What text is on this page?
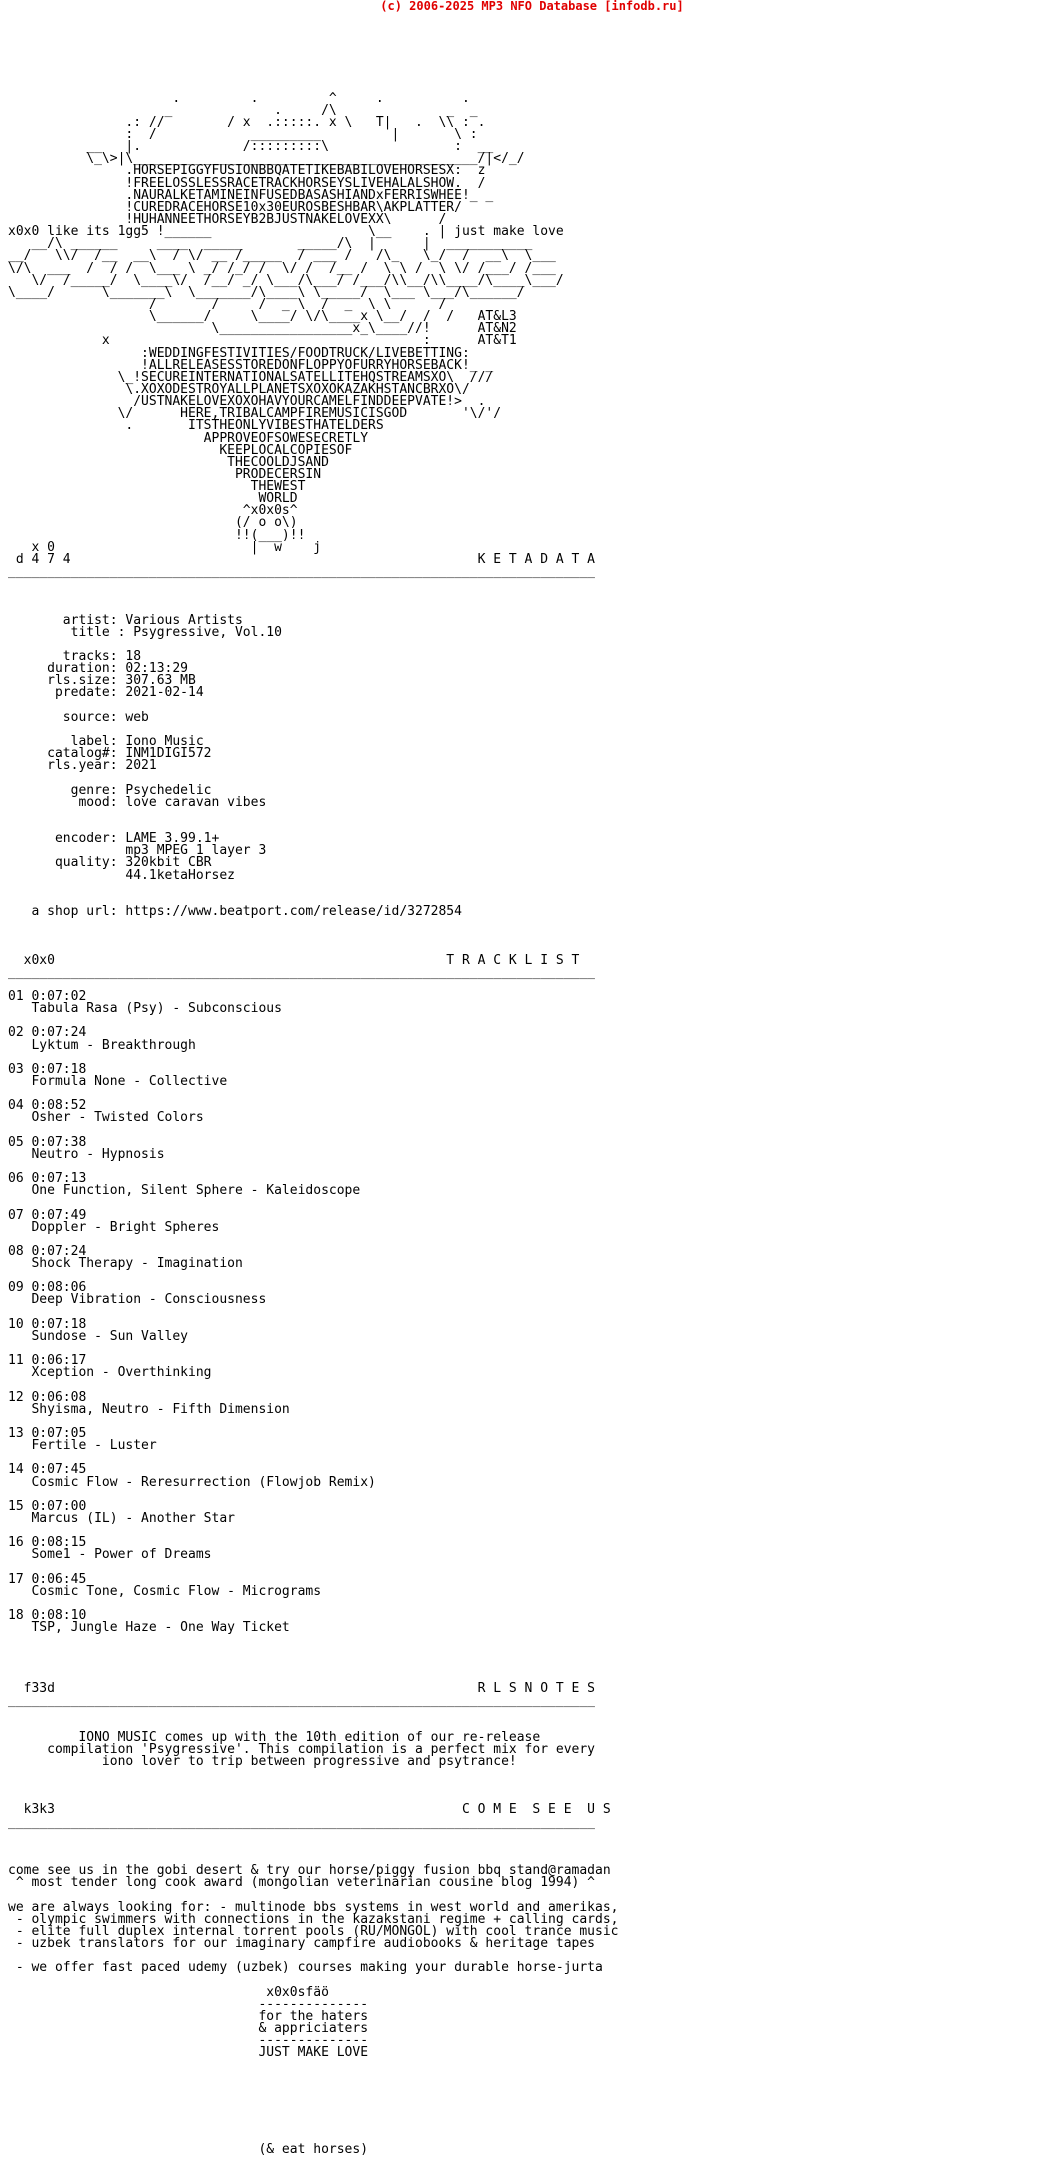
(c) 2006-2025 MP3 NFO Database [infodb.ru]
.         .         ^     .          .
_             .     /\              _  _
.: //        / x  .:::::. x \   T|   .  \\ : .
:  /            _________         |       \ :
__   |.             /:::::::::\                :  __
\_\>|\____________________________________________/|</_/
.HORSEPIGGYFUSIONBBQATETIKEBABILOVEHORSESX:  z
!FREELOSSLESSRACETRACKHORSEYSLIVEHALALSHOW.  /
.NAURALKETAMINEINFUSEDBASASHIANDxFERRISWHEE!_ _
!CUREDRACEHORSE10x30EUROSBESHBAR\AKPLATTER/
!HUHANNEETHORSEYB2BJUSTNAKELOVEXX\      /
x0x0 like its 1gg5 !______                    \__    . | just make love
__/\ ______     ____  _____       _____/\  |      |  ___________
__/   \\/  /__  __\  / \/ __ /_____  / ___ /   /\_   \_/  /  __\  \___
\/\  ___  /  / /  \___ \ _/ /_/ /  \/ /  /__ /  \ \ /  \ \/ /___/ /___
\/  /_____/  \____\/  /__/ _/ \___/\___/ /___/\\__/\\____/\____\___/
\____/      \_______\  \_______/\____\ \_____/  \___ \___/\______/
/       /     /  _ \  /  _  \ \      /
\______/     \____/ \/\____x \__/  /  /   AT&L3
\_________________x_\____//!      AT&N2
x                                        :      AT&T1
:WEDDINGFESTIVITIES/FOODTRUCK/LIVEBETTING:
!ALLRELEASESSTOREDONFLOPPYOFURRYHORSEBACK!_ _
\_!SECUREINTERNATIONALSATELLITEHQSTREAMSXO\  ///
\.XOXODESTROYALLPLANETSXOXOKAZAKHSTANCBRXO\/
/USTNAKELOVEXOXOHAVYOURCAMELFINDDEEPVATE!>  .
\/      HERE,TRIBALCAMPFIREMUSICISGOD       '\/'/
.       ITSTHEONLYVIBESTHATELDERS
APPROVEOFSOWESECRETLY
KEEPLOCALCOPIESOF
THECOOLDJSAND
PRODECERSIN
THEWEST
WORLD
^x0x0s^
(/ o o\)
!!(___)!!
x 0                         |  w    j
d 4 7 4                                                    K E T A D A T A
___________________________________________________________________________
artist: Various Artists
title : Psygressive, Vol.10
tracks: 18
duration: 02:13:29
rls.size: 307.63 MB
predate: 2021-02-14
source: web
label: Iono Music
catalog#: INM1DIGI572
rls.year: 2021
genre: Psychedelic
mood: love caravan vibes
encoder: LAME 3.99.1+
mp3 MPEG 1 layer 3
quality: 320kbit CBR
44.1ketaHorsez
a shop url: https://www.beatport.com/release/id/3272854
x0x0                                                  T R A C K L I S T
___________________________________________________________________________
01 0:07:02
Tabula Rasa (Psy) - Subconscious
02 0:07:24
Lyktum - Breakthrough
03 0:07:18
Formula None - Collective
04 0:08:52
Osher - Twisted Colors
05 0:07:38
Neutro - Hypnosis
06 0:07:13
One Function, Silent Sphere - Kaleidoscope
07 0:07:49
Doppler - Bright Spheres
08 0:07:24
Shock Therapy - Imagination
09 0:08:06
Deep Vibration - Consciousness
10 0:07:18
Sundose - Sun Valley
11 0:06:17
Xception - Overthinking
12 0:06:08
Shyisma, Neutro - Fifth Dimension
13 0:07:05
Fertile - Luster
14 0:07:45
Cosmic Flow - Reresurrection (Flowjob Remix)
15 0:07:00
Marcus (IL) - Another Star
16 0:08:15
Some1 - Power of Dreams
17 0:06:45
Cosmic Tone, Cosmic Flow - Micrograms
18 0:08:10
TSP, Jungle Haze - One Way Ticket
f33d                                                      R L S N O T E S
___________________________________________________________________________
IONO MUSIC comes up with the 10th edition of our re-release
compilation 'Psygressive'. This compilation is a perfect mix for every
iono lover to trip between progressive and psytrance!
k3k3                                                    C O M E  S E E  U S
___________________________________________________________________________
come see us in the gobi desert & try our horse/piggy fusion bbq stand@ramadan
^ most tender long cook award (mongolian veterinarian cousine blog 1994) ^
we are always looking for: - multinode bbs systems in west world and amerikas,
- olympic swimmers with connections in the kazakstani regime + calling cards,
- elite full duplex internal torrent pools (RU/MONGOL) with cool trance music
- uzbek translators for our imaginary campfire audiobooks & heritage tapes
- we offer fast paced udemy (uzbek) courses making your durable horse-jurta
x0x0sfäö
--------------
for the haters
& appriciaters
--------------
JUST MAKE LOVE
(& eat horses)
